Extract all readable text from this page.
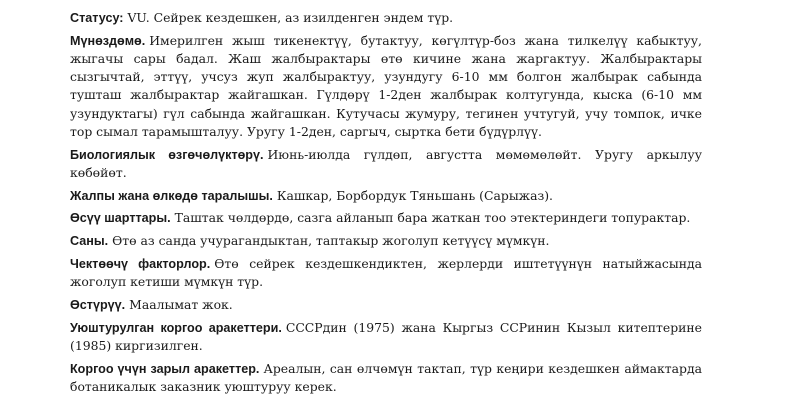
Статусу: VU. Сейрек кездешкен, аз изилденген эндем түр.

Мүнөздөмө. Имерилген жыш тикенектүү, бутактуу, көгүлтүр-боз жана тилкелүү кабыктуу, жыгачы сары бадал. Жаш жалбырактары өтө кичине жана жаргактуу. Жалбырактары сызгычтай, эттүү, учсуз жуп жалбырактуу, узундугу 6-10 мм болгон жалбырак сабында тушташ жалбырактар жайгашкан. Гүлдөрү 1-2ден жалбырак колтугунда, кыска (6-10 мм узундуктагы) гүл сабында жайгашкан. Кутучасы жумуру, тегинен учтугуй, учу томпок, ичке тор сымал тарамышталуу. Уругу 1-2ден, саргыч, сыртка бети бүдүрлүү.

Биологиялык өзгөчөлүктөрү. Июнь-июлда гүлдөп, августта мөмөмөлөйт. Уругу аркылуу көбөйөт.

Жалпы жана өлкөдө таралышы. Кашкар, Борбордук Тяньшань (Сарыжаз).

Өсүү шарттары. Таштак чөлдөрдө, сазга айланып бара жаткан тоо этектериндеги топурактар.

Саны. Өтө аз санда учурагандыктан, таптакыр жоголуп кетүүсү мүмкүн.

Чектөөчү факторлор. Өтө сейрек кездешкендиктен, жерлерди иштетүүнүн натыйжасында жоголуп кетиши мүмкүн түр.

Өстүрүү. Маалымат жок.

Уюштурулган коргоо аракеттери. СССРдин (1975) жана Кыргыз ССРинин Кызыл китептерине (1985) киргизилген.

Коргоо үчүн зарыл аракеттер. Ареалын, сан өлчөмүн тактап, түр кеңири кездешкен аймактарда ботаникалык заказник уюштуруу керек.
